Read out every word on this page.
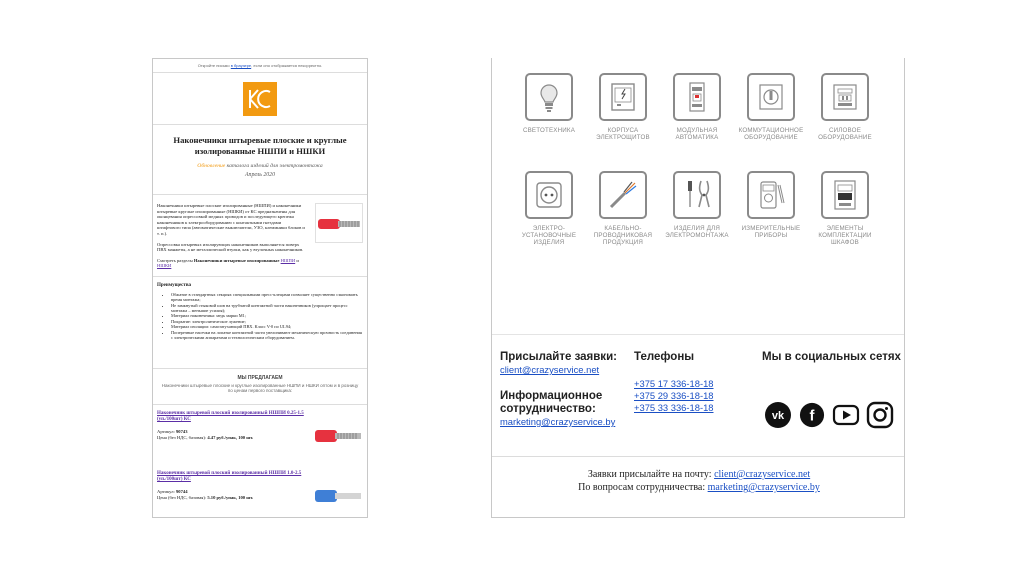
Откройте письмо в браузере, если оно отображается некорректно.
Наконечники штыревые плоские и круглые изолированные НШПИ и НШКИ
Обновление каталога изделий для электромонтажа
Апрель 2020

Наконечники штыревые плоские изолированные (НШПИ) и наконечники штыревые круглые изолированные (НШКИ) от КС предназначены для оконцевания опрессовкой медных проводов и последующего крепежа наконечников к электрооборудованию с контактными гнездами штифтового типа (автоматические выключатели, УЗО, клеммники блоков и т. п.).

Опрессовка штыревых изолирующих наконечников выполняется поверх ПВХ манжеты, а не металлической втулки, как у втулочных наконечников.

Смотреть разделы Наконечники штыревые изолированные НШПИ и НШКИ

Преимущества
• Обжатие в стандартных секциях специальными пресс-клещами позволяет существенно сэкономить время монтажа;
• Не замкнутый стыковой шов на трубчатой контактной части наконечников (упрощает процесс монтажа – меньшие усилия);
• Материал наконечника: медь марки М1;
• Покрытие: электролитическое лужение;
• Материал изоляции: самозатухающий ПВХ. Класс V-0 по UL94;
• Поперечные насечки на лопатке контактной части увеличивают механическую прочность соединения с электрическими аппаратами и технологическим оборудованием.
МЫ ПРЕДЛАГАЕМ
Наконечники штыревые плоские и круглые изолированные НШПИ и НШКИ оптом и в розницу по ценам первого поставщика:
Наконечник штыревой плоский изолированный НШПИ 0.25-1.5 (уп./100шт) КС
Артикул: 90743
Цена (без НДС, базовая): 4.47 руб./упак, 100 шт.
Наконечник штыревой плоский изолированный НШПИ 1.0-2.5 (уп./100шт) КС
Артикул: 90744
Цена (без НДС, базовая): 5.10 руб./упак, 100 шт.
СВЕТОТЕХНИКА	КОРПУСА ЭЛЕКТРОЩИТОВ
МОДУЛЬНАЯ АВТОМАТИКА
КОММУТАЦИОННОЕ ОБОРУДОВАНИЕ
СИЛОВОЕ ОБОРУДОВАНИЕ
ЭЛЕКТРО-УСТАНОВОЧНЫЕ ИЗДЕЛИЯ
КАБЕЛЬНО-ПРОВОДНИКОВАЯ ПРОДУКЦИЯ
ИЗДЕЛИЯ ДЛЯ ЭЛЕКТРОМОНТАЖА
ИЗМЕРИТЕЛЬНЫЕ ПРИБОРЫ
ЭЛЕМЕНТЫ КОМПЛЕКТАЦИИ ШКАФОВ
Присылайте заявки:
client@crazyservice.net
Информационное сотрудничество:
marketing@crazyservice.by
Телефоны
+375 17 336-18-18
+375 29 336-18-18
+375 33 336-18-18
Мы в социальных сетях
vk f
Заявки присылайте на почту: client@crazyservice.net
По вопросам сотрудничества: marketing@crazyservice.by
